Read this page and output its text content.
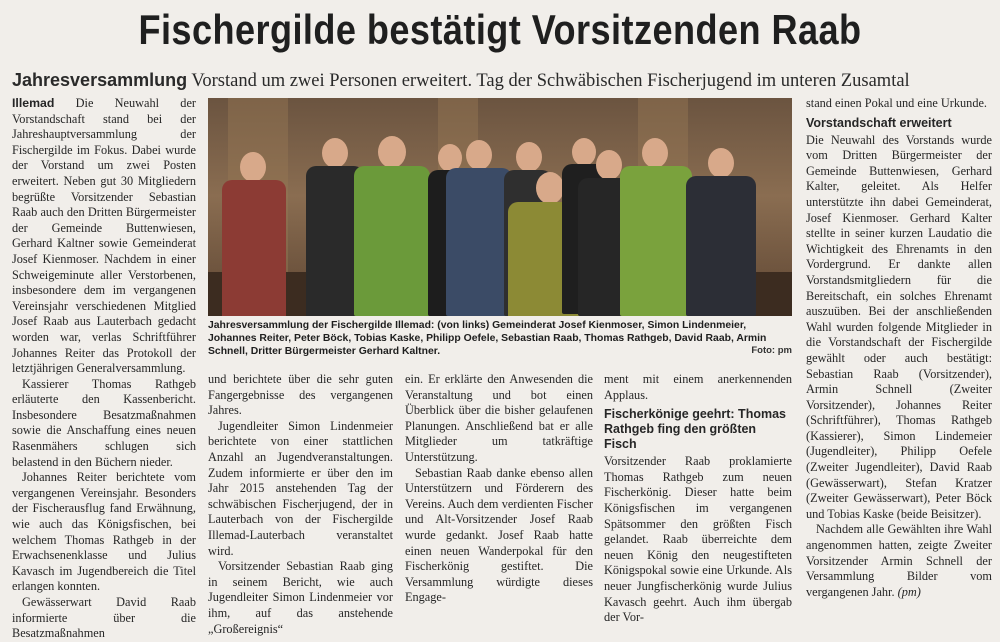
Fischergilde bestätigt Vorsitzenden Raab
Jahresversammlung Vorstand um zwei Personen erweitert. Tag der Schwäbischen Fischerjugend im unteren Zusamtal

Illemad Die Neuwahl der Vorstandschaft stand bei der Jahreshauptversammlung der Fischergilde im Fokus. Dabei wurde der Vorstand um zwei Posten erweitert. Neben gut 30 Mitgliedern begrüßte Vorsitzender Sebastian Raab auch den Dritten Bürgermeister der Gemeinde Buttenwiesen, Gerhard Kaltner sowie Gemeinderat Josef Kienmoser. Nachdem in einer Schweigeminute aller Verstorbenen, insbesondere dem im vergangenen Vereinsjahr verschiedenen Mitglied Josef Raab aus Lauterbach gedacht worden war, verlas Schriftführer Johannes Reiter das Protokoll der letztjährigen Generalversammlung.

Kassierer Thomas Rathgeb erläuterte den Kassenbericht. Insbesondere Besatzmaßnahmen sowie die Anschaffung eines neuen Rasenmähers schlugen sich belastend in den Büchern nieder.

Johannes Reiter berichtete vom vergangenen Vereinsjahr. Besonders der Fischerausflug fand Erwähnung, wie auch das Königsfischen, bei welchem Thomas Rathgeb in der Erwachsenenklasse und Julius Kavasch im Jugendbereich die Titel erlangen konnten.

Gewässerwart David Raab informierte über die Besatzmaßnahmen

Jahresversammlung der Fischergilde Illemad: (von links) Gemeinderat Josef Kienmoser, Simon Lindenmeier, Johannes Reiter, Peter Böck, Tobias Kaske, Philipp Oefele, Sebastian Raab, Thomas Rathgeb, David Raab, Armin Schnell, Dritter Bürgermeister Gerhard Kaltner.	Foto: pm

und berichtete über die sehr guten Fangergebnisse des vergangenen Jahres.

Jugendleiter Simon Lindenmeier berichtete von einer stattlichen Anzahl an Jugendveranstaltungen. Zudem informierte er über den im Jahr 2015 anstehenden Tag der schwäbischen Fischerjugend, der in Lauterbach von der Fischergilde Illemad-Lauterbach veranstaltet wird.

Vorsitzender Sebastian Raab ging in seinem Bericht, wie auch Jugendleiter Simon Lindenmeier vor ihm, auf das anstehende „Großereignis“

ein. Er erklärte den Anwesenden die Veranstaltung und bot einen Überblick über die bisher gelaufenen Planungen. Anschließend bat er alle Mitglieder um tatkräftige Unterstützung.

Sebastian Raab danke ebenso allen Unterstützern und Förderern des Vereins. Auch dem verdienten Fischer und Alt-Vorsitzender Josef Raab wurde gedankt. Josef Raab hatte einen neuen Wanderpokal für den Fischerkönig gestiftet. Die Versammlung würdigte dieses Engage-

ment mit einem anerkennenden Applaus.

Fischerkönige geehrt: Thomas Rathgeb fing den größten Fisch

Vorsitzender Raab proklamierte Thomas Rathgeb zum neuen Fischerkönig. Dieser hatte beim Königsfischen im vergangenen Spätsommer den größten Fisch gelandet. Raab überreichte dem neuen König den neugestifteten Königspokal sowie eine Urkunde. Als neuer Jungfischerkönig wurde Julius Kavasch geehrt. Auch ihm übergab der Vor-

stand einen Pokal und eine Urkunde.

Vorstandschaft erweitert

Die Neuwahl des Vorstands wurde vom Dritten Bürgermeister der Gemeinde Buttenwiesen, Gerhard Kalter, geleitet. Als Helfer unterstützte ihn dabei Gemeinderat, Josef Kienmoser. Gerhard Kalter stellte in seiner kurzen Laudatio die Wichtigkeit des Ehrenamts in den Vordergrund. Er dankte allen Vorstandsmitgliedern für die Bereitschaft, ein solches Ehrenamt auszuüben. Bei der anschließenden Wahl wurden folgende Mitglieder in die Vorstandschaft der Fischergilde gewählt oder auch bestätigt: Sebastian Raab (Vorsitzender), Armin Schnell (Zweiter Vorsitzender), Johannes Reiter (Schriftführer), Thomas Rathgeb (Kassierer), Simon Lindemeier (Jugendleiter), Philipp Oefele (Zweiter Jugendleiter), David Raab (Gewässerwart), Stefan Kratzer (Zweiter Gewässerwart), Peter Böck und Tobias Kaske (beide Beisitzer).

Nachdem alle Gewählten ihre Wahl angenommen hatten, zeigte Zweiter Vorsitzender Armin Schnell der Versammlung Bilder vom vergangenen Jahr. (pm)
